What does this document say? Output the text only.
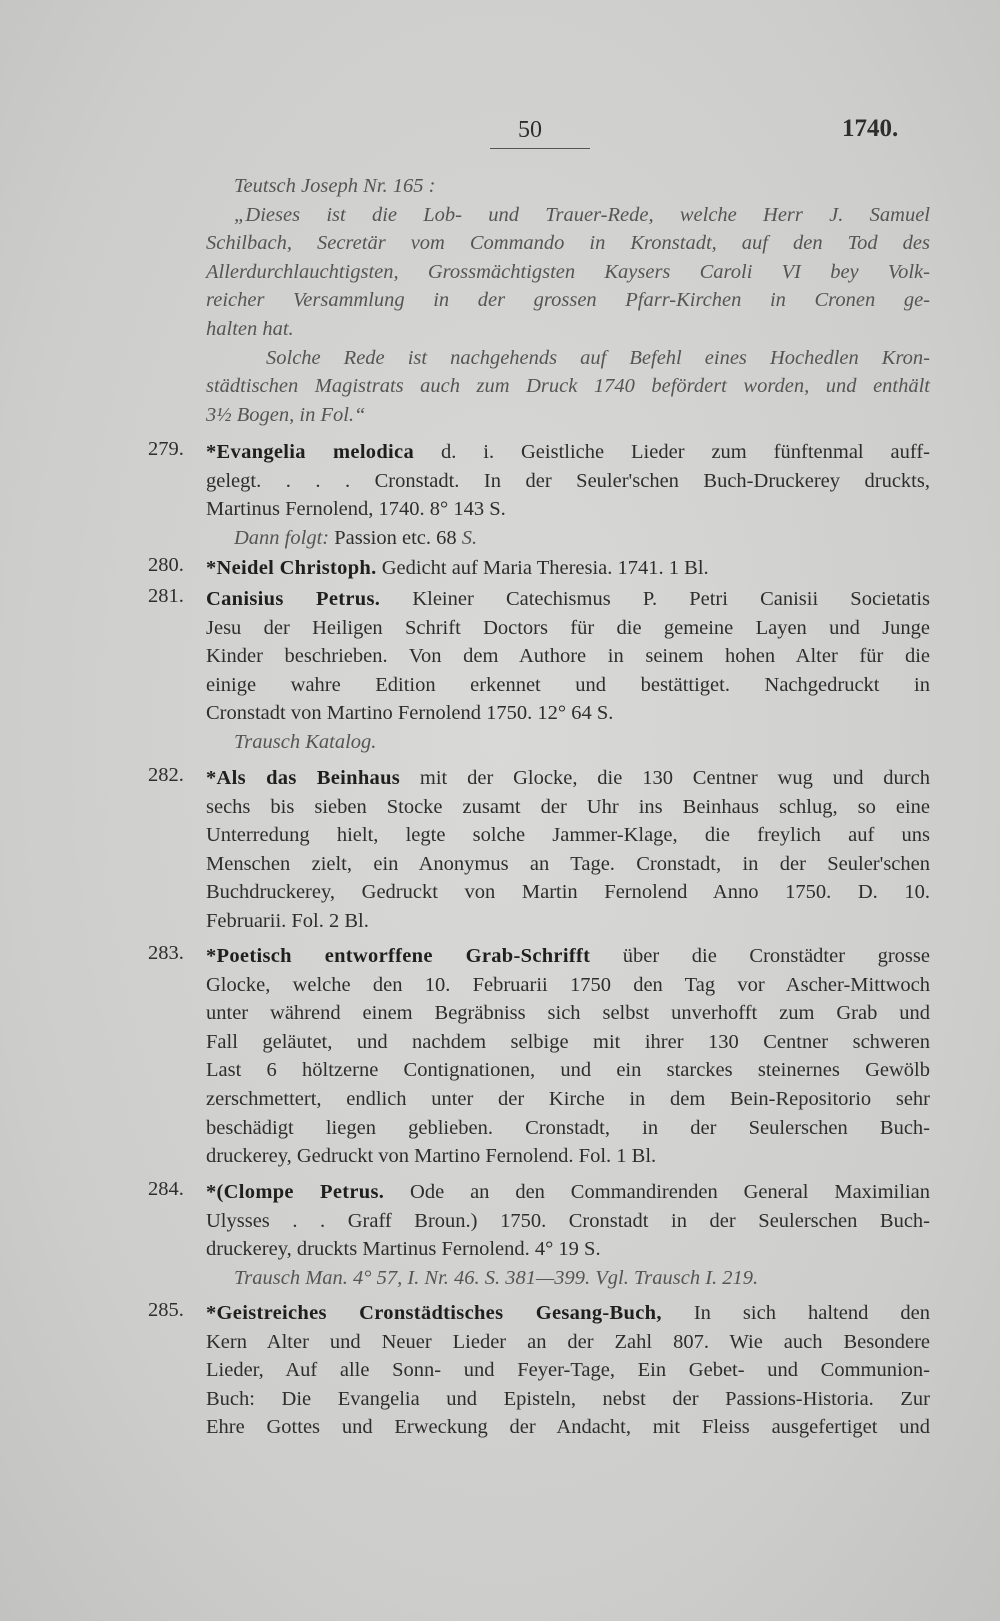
50	1740.
Teutsch Joseph Nr. 165 :
„Dieses ist die Lob- und Trauer-Rede, welche Herr J. Samuel
Schilbach, Secretär vom Commando in Kronstadt, auf den Tod des
Allerdurchlauchtigsten, Grossmächtigsten Kaysers Caroli VI bey Volk-
reicher Versammlung in der grossen Pfarr-Kirchen in Cronen ge-
halten hat.
Solche Rede ist nachgehends auf Befehl eines Hochedlen Kron-
städtischen Magistrats auch zum Druck 1740 befördert worden, und enthält
3½ Bogen, in Fol.“
279. *Evangelia melodica d. i. Geistliche Lieder zum fünftenmal auff-
gelegt. . . . Cronstadt. In der Seuler'schen Buch-Druckerey druckts,
Martinus Fernolend, 1740. 8° 143 S.
Dann folgt: Passion etc. 68 S.
280. *Neidel Christoph. Gedicht auf Maria Theresia. 1741. 1 Bl.
281. Canisius Petrus. Kleiner Catechismus P. Petri Canisii Societatis
Jesu der Heiligen Schrift Doctors für die gemeine Layen und Junge
Kinder beschrieben. Von dem Authore in seinem hohen Alter für die
einige wahre Edition erkennet und bestättiget. Nachgedruckt in
Cronstadt von Martino Fernolend 1750. 12° 64 S.
Trausch Katalog.
282. *Als das Beinhaus mit der Glocke, die 130 Centner wug und durch
sechs bis sieben Stocke zusamt der Uhr ins Beinhaus schlug, so eine
Unterredung hielt, legte solche Jammer-Klage, die freylich auf uns
Menschen zielt, ein Anonymus an Tage. Cronstadt, in der Seuler'schen
Buchdruckerey, Gedruckt von Martin Fernolend Anno 1750. D. 10.
Februarii. Fol. 2 Bl.
283. *Poetisch entworffene Grab-Schrifft über die Cronstädter grosse
Glocke, welche den 10. Februarii 1750 den Tag vor Ascher-Mittwoch
unter während einem Begräbniss sich selbst unverhofft zum Grab und
Fall geläutet, und nachdem selbige mit ihrer 130 Centner schweren
Last 6 höltzerne Contignationen, und ein starckes steinernes Gewölb
zerschmettert, endlich unter der Kirche in dem Bein-Repositorio sehr
beschädigt liegen geblieben. Cronstadt, in der Seulerschen Buch-
druckerey, Gedruckt von Martino Fernolend. Fol. 1 Bl.
284. *(Clompe Petrus. Ode an den Commandirenden General Maximilian
Ulysses . . Graff Broun.) 1750. Cronstadt in der Seulerschen Buch-
druckerey, druckts Martinus Fernolend. 4° 19 S.
Trausch Man. 4° 57, I. Nr. 46. S. 381—399. Vgl. Trausch I. 219.
285. *Geistreiches Cronstädtisches Gesang-Buch, In sich haltend den
Kern Alter und Neuer Lieder an der Zahl 807. Wie auch Besondere
Lieder, Auf alle Sonn- und Feyer-Tage, Ein Gebet- und Communion-
Buch: Die Evangelia und Episteln, nebst der Passions-Historia. Zur
Ehre Gottes und Erweckung der Andacht, mit Fleiss ausgefertiget und
